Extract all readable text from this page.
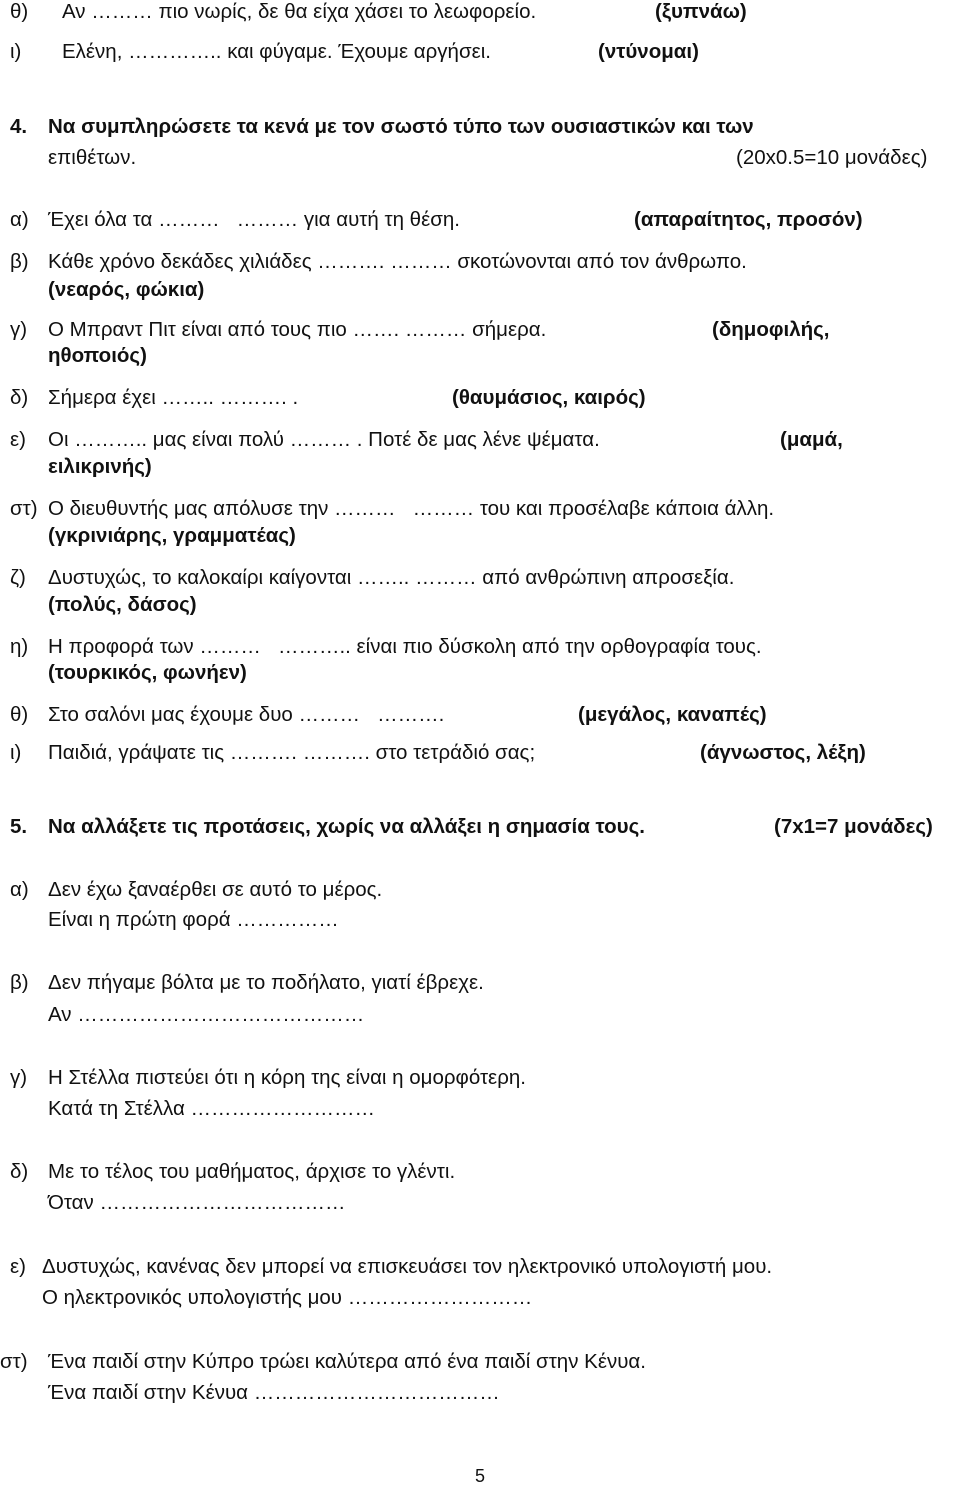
θ) Αν ……… πιο νωρίς, δε θα είχα χάσει το λεωφορείο.	(ξυπνάω)
ι) Ελένη, ………….. και φύγαμε. Έχουμε αργήσει.	(ντύνομαι)
4. Να συμπληρώσετε τα κενά με τον σωστό τύπο των ουσιαστικών και των
επιθέτων.	(20x0.5=10 μονάδες)
α) Έχει όλα τα ………   ……… για αυτή τη θέση.	(απαραίτητος, προσόν)
β) Κάθε χρόνο δεκάδες χιλιάδες ………. ……… σκοτώνονται από τον άνθρωπο.
(νεαρός, φώκια)
γ) Ο Μπραντ Πιτ είναι από τους πιο ……. ……… σήμερα.	(δημοφιλής,
ηθοποιός)
δ) Σήμερα έχει …….. ………. .	(θαυμάσιος, καιρός)
ε) Οι ……….. μας είναι πολύ ……… . Ποτέ δε μας λένε ψέματα.	(μαμά,
ειλικρινής)
στ) Ο διευθυντής μας απόλυσε την ………   ……… του και προσέλαβε κάποια άλλη.
(γκρινιάρης, γραμματέας)
ζ) Δυστυχώς, το καλοκαίρι καίγονται …….. ……… από ανθρώπινη απροσεξία.
(πολύς, δάσος)
η) Η προφορά των ………   ……….. είναι πιο δύσκολη από την ορθογραφία τους.
(τουρκικός, φωνήεν)
θ) Στο σαλόνι μας έχουμε δυο ………   ……….	(μεγάλος, καναπές)
ι) Παιδιά, γράψατε τις ………. ………. στο τετράδιό σας;	(άγνωστος, λέξη)
5. Να αλλάξετε τις προτάσεις, χωρίς να αλλάξει η σημασία τους.	(7x1=7 μονάδες)
α) Δεν έχω ξαναέρθει σε αυτό το μέρος.
Είναι η πρώτη φορά ……………
β) Δεν πήγαμε βόλτα με το ποδήλατο, γιατί έβρεχε.
Αν ……………………………………
γ) Η Στέλλα πιστεύει ότι η κόρη της είναι η ομορφότερη.
Κατά τη Στέλλα ………………………
δ) Με το τέλος του μαθήματος, άρχισε το γλέντι.
Όταν ………………………………
ε) Δυστυχώς, κανένας δεν μπορεί να επισκευάσει τον ηλεκτρονικό υπολογιστή μου.
Ο ηλεκτρονικός υπολογιστής μου ………………………
στ) Ένα παιδί στην Κύπρο τρώει καλύτερα από ένα παιδί στην Κένυα.
Ένα παιδί στην Κένυα ………………………………
5
